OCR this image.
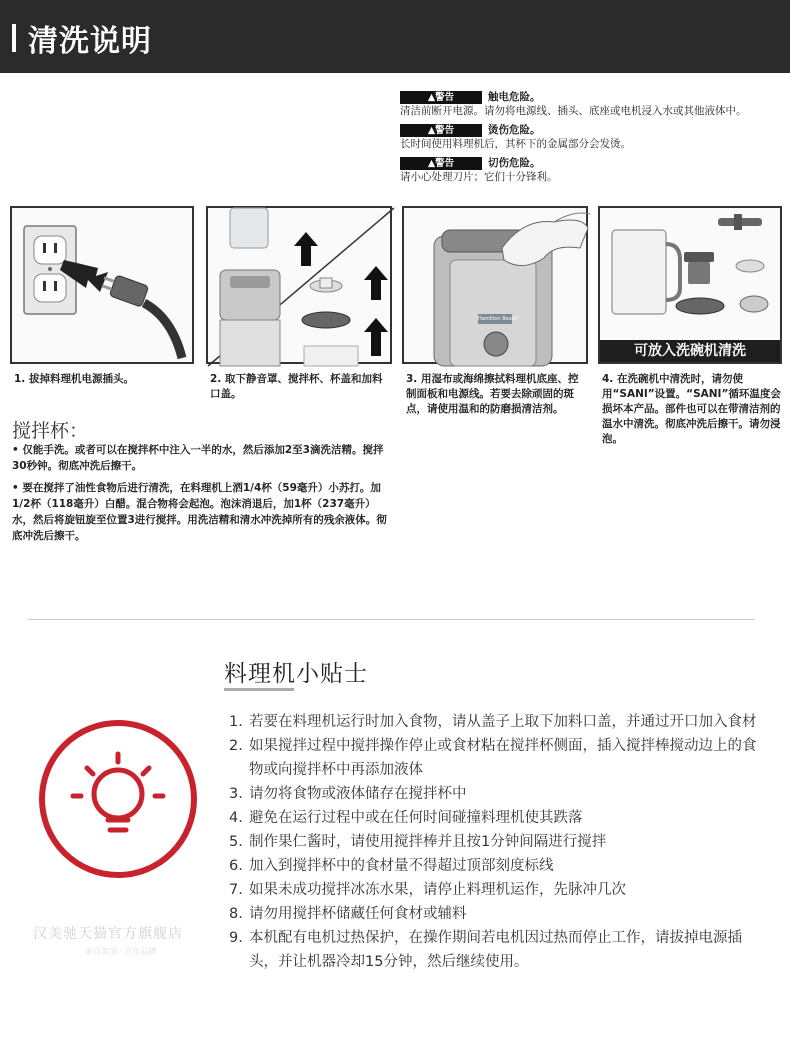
清洗说明
▲警告	触电危险。
清洁前断开电源。请勿将电源线、插头、底座或电机浸入水或其他液体中。
▲警告	烫伤危险。
长时间使用料理机后，其杯下的金属部分会发烫。
▲警告	切伤危险。
请小心处理刀片；它们十分锋利。
Hamilton Beach
可放入洗碗机清洗
1. 拔掉料理机电源插头。	2. 取下静音罩、搅拌杯、杯盖和加料口盖。
3. 用湿布或海绵擦拭料理机底座、控制面板和电源线。若要去除顽固的斑点，请使用温和的防磨损清洁剂。
4. 在洗碗机中清洗时，请勿使用“SANI”设置。“SANI”循环温度会损坏本产品。部件也可以在带清洁剂的温水中清洗。彻底冲洗后擦干。请勿浸泡。
搅拌杯：
• 仅能手洗。或者可以在搅拌杯中注入一半的水，然后添加2至3滴洗洁精。搅拌30秒钟。彻底冲洗后擦干。
• 要在搅拌了油性食物后进行清洗，在料理机上洒1/4杯（59毫升）小苏打。加1/2杯（118毫升）白醋。混合物将会起泡。泡沫消退后，加1杯（237毫升）水，然后将旋钮旋至位置3进行搅拌。用洗洁精和清水冲洗掉所有的残余液体。彻底冲洗后擦干。
料理机小贴士
1. 若要在料理机运行时加入食物，请从盖子上取下加料口盖，并通过开口加入食材
2. 如果搅拌过程中搅拌操作停止或食材粘在搅拌杯侧面，插入搅拌棒搅动边上的食物或向搅拌杯中再添加液体
3. 请勿将食物或液体储存在搅拌杯中
4. 避免在运行过程中或在任何时间碰撞料理机使其跌落
5. 制作果仁酱时，请使用搅拌棒并且按1分钟间隔进行搅拌
6. 加入到搅拌杯中的食材量不得超过顶部刻度标线
7. 如果未成功搅拌冰冻水果，请停止料理机运作，先脉冲几次
8. 请勿用搅拌杯储藏任何食材或辅料
9. 本机配有电机过热保护，在操作期间若电机因过热而停止工作，请拔掉电源插头，并让机器冷却15分钟，然后继续使用。
汉美驰天猫官方旗舰店
来自美国 · 百年品牌
